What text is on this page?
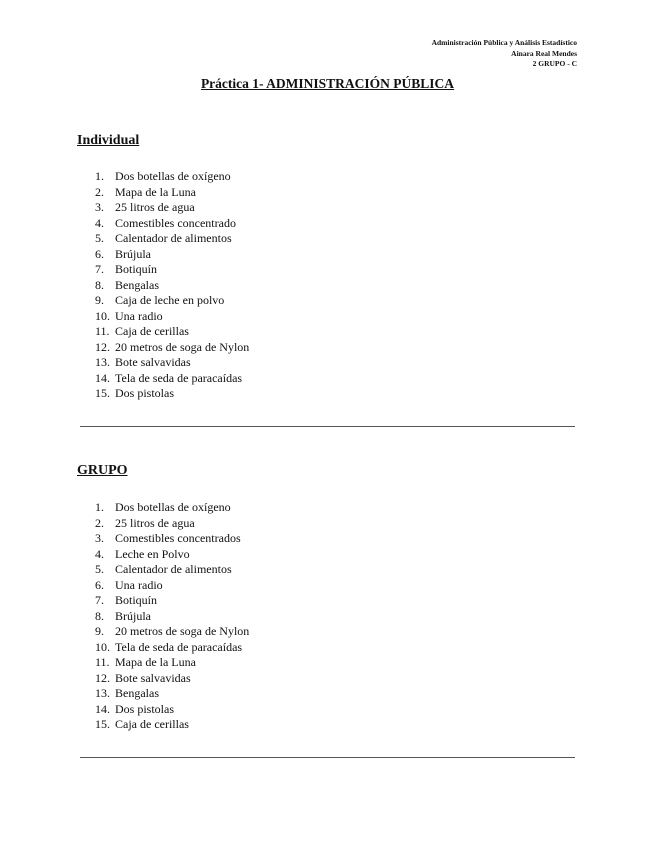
Administración Pública y Análisis Estadístico
Ainara Real Mendes
2 GRUPO - C
Práctica 1- ADMINISTRACIÓN PÚBLICA
Individual
1. Dos botellas de oxígeno
2. Mapa de la Luna
3. 25 litros de agua
4. Comestibles concentrado
5. Calentador de alimentos
6. Brújula
7. Botiquín
8. Bengalas
9. Caja de leche en polvo
10. Una radio
11. Caja de cerillas
12. 20 metros de soga de Nylon
13. Bote salvavidas
14. Tela de seda de paracaídas
15. Dos pistolas
GRUPO
1. Dos botellas de oxígeno
2. 25 litros de agua
3. Comestibles concentrados
4. Leche en Polvo
5. Calentador de alimentos
6. Una radio
7. Botiquín
8. Brújula
9. 20 metros de soga de Nylon
10. Tela de seda de paracaídas
11. Mapa de la Luna
12. Bote salvavidas
13. Bengalas
14. Dos pistolas
15. Caja de cerillas
